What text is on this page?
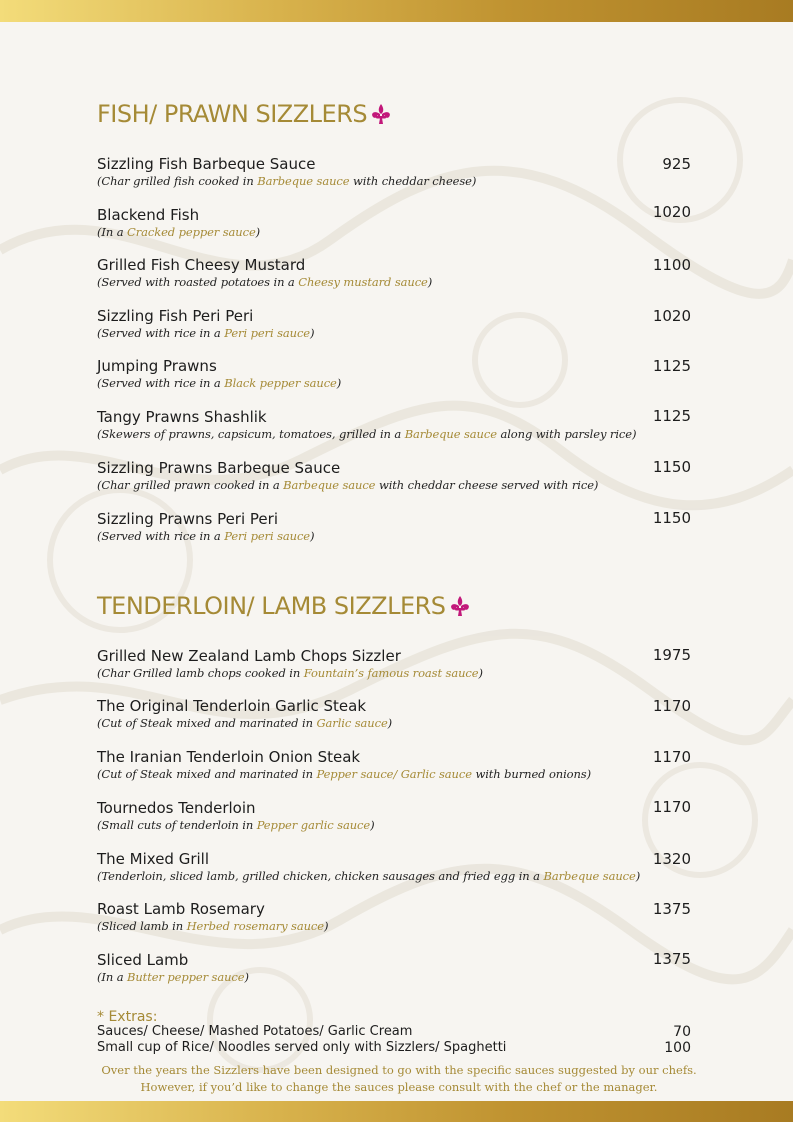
FISH/ PRAWN SIZZLERS
Sizzling Fish Barbeque Sauce	925
(Char grilled fish cooked in Barbeque sauce with cheddar cheese)
Blackend Fish	1020
(In a Cracked pepper sauce)
Grilled Fish Cheesy Mustard	1100
(Served with roasted potatoes in a Cheesy mustard sauce)
Sizzling Fish Peri Peri	1020
(Served with rice in a Peri peri sauce)
Jumping Prawns	1125
(Served with rice in a Black pepper sauce)
Tangy Prawns Shashlik	1125
(Skewers of prawns, capsicum, tomatoes, grilled in a Barbeque sauce along with parsley rice)
Sizzling Prawns Barbeque Sauce	1150
(Char grilled prawn cooked in a Barbeque sauce with cheddar cheese served with rice)
Sizzling Prawns Peri Peri	1150
(Served with rice in a Peri peri sauce)
TENDERLOIN/ LAMB SIZZLERS
Grilled New Zealand Lamb Chops Sizzler	1975
(Char Grilled lamb chops cooked in Fountain’s famous roast sauce)
The Original Tenderloin Garlic Steak	1170
(Cut of Steak mixed and marinated in Garlic sauce)
The Iranian Tenderloin Onion Steak	1170
(Cut of Steak mixed and marinated in Pepper sauce/ Garlic sauce with burned onions)
Tournedos Tenderloin	1170
(Small cuts of tenderloin in Pepper garlic sauce)
The Mixed Grill	1320
(Tenderloin, sliced lamb, grilled chicken, chicken sausages and fried egg in a Barbeque sauce)
Roast Lamb Rosemary	1375
(Sliced lamb in Herbed rosemary sauce)
Sliced Lamb	1375
(In a Butter pepper sauce)
* Extras:
Sauces/ Cheese/ Mashed Potatoes/ Garlic Cream	70
Small cup of Rice/ Noodles served only with Sizzlers/ Spaghetti	100
Over the years the Sizzlers have been designed to go with the specific sauces suggested by our chefs. However, if you’d like to change the sauces please consult with the chef or the manager.
